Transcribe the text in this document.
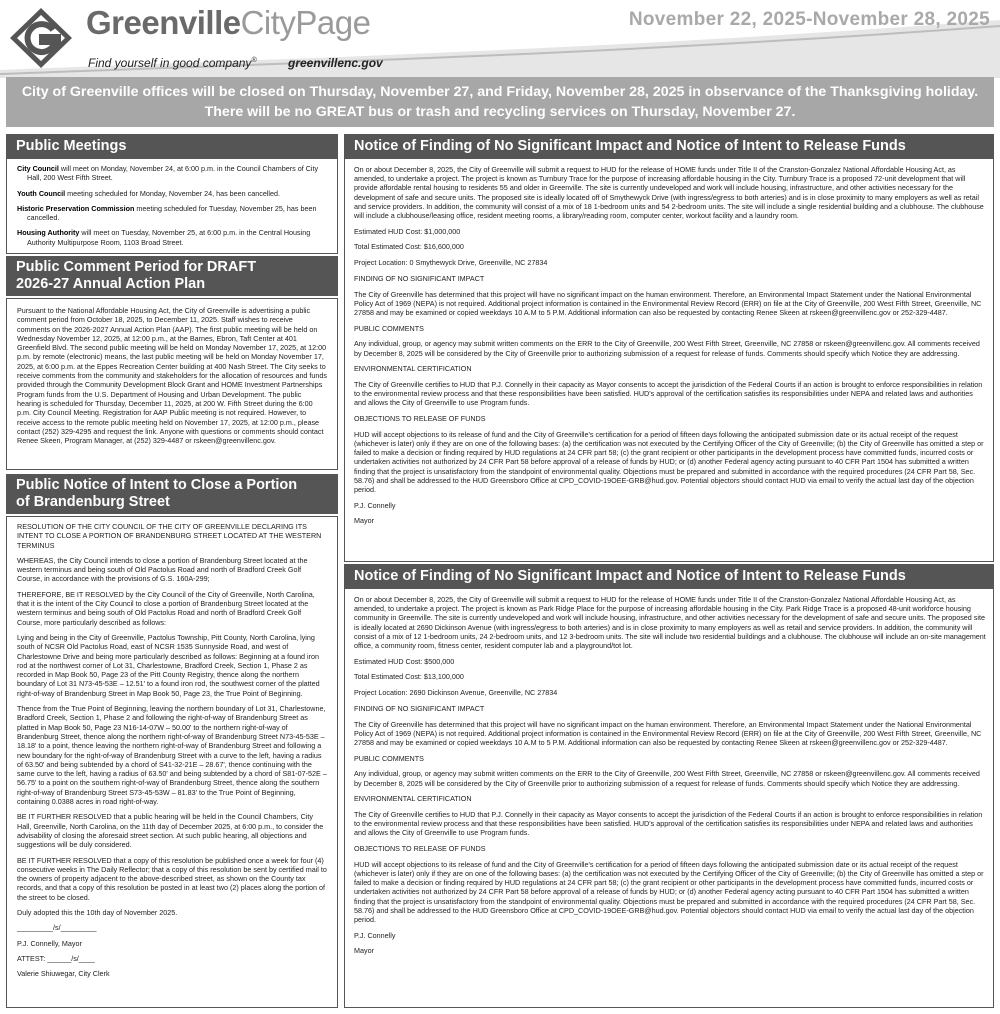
GreenvilleCityPage
Find yourself in good company®	greenvillenc.gov
November 22, 2025-November 28, 2025
City of Greenville offices will be closed on Thursday, November 27, and Friday, November 28, 2025 in observance of the Thanksgiving holiday. There will be no GREAT bus or trash and recycling services on Thursday, November 27.
Public Meetings

City Council will meet on Monday, November 24, at 6:00 p.m. in the Council Chambers of City Hall, 200 West Fifth Street.

Youth Council meeting scheduled for Monday, November 24, has been cancelled.

Historic Preservation Commission meeting scheduled for Tuesday, November 25, has been cancelled.

Housing Authority will meet on Tuesday, November 25, at 6:00 p.m. in the Central Housing Authority Multipurpose Room, 1103 Broad Street.

Public Comment Period for DRAFT
2026-27 Annual Action Plan
Pursuant to the National Affordable Housing Act, the City of Greenville is advertising a public comment period from October 18, 2025, to December 11, 2025. Staff wishes to receive comments on the 2026-2027 Annual Action Plan (AAP). The first public meeting will be held on Wednesday November 12, 2025, at 12:00 p.m., at the Barnes, Ebron, Taft Center at 401 Greenfield Blvd. The second public meeting will be held on Monday November 17, 2025, at 12:00 p.m. by remote (electronic) means, the last public meeting will be held on Monday November 17, 2025, at 6:00 p.m. at the Eppes Recreation Center building at 400 Nash Street. The City seeks to receive comments from the community and stakeholders for the allocation of resources and funds provided through the Community Development Block Grant and HOME Investment Partnerships Program funds from the U.S. Department of Housing and Urban Development. The public hearing is scheduled for Thursday, December 11, 2025, at 200 W. Fifth Street during the 6:00 p.m. City Council Meeting. Registration for AAP Public meeting is not required. However, to receive access to the remote public meeting held on November 17, 2025, at 12:00 p.m., please contact (252) 329-4295 and request the link. Anyone with questions or comments should contact Renee Skeen, Program Manager, at (252) 329-4487 or rskeen@greenvillenc.gov.
Public Notice of Intent to Close a Portion
of Brandenburg Street

RESOLUTION OF THE CITY COUNCIL OF THE CITY OF GREENVILLE DECLARING ITS INTENT TO CLOSE A PORTION OF BRANDENBURG STREET LOCATED AT THE WESTERN TERMINUS

WHEREAS, the City Council intends to close a portion of Brandenburg Street located at the western terminus and being south of Old Pactolus Road and north of Bradford Creek Golf Course, in accordance with the provisions of G.S. 160A-299;

THEREFORE, BE IT RESOLVED by the City Council of the City of Greenville, North Carolina, that it is the intent of the City Council to close a portion of Brandenburg Street located at the western terminus and being south of Old Pactolus Road and north of Bradford Creek Golf Course, more particularly described as follows:

Lying and being in the City of Greenville, Pactolus Township, Pitt County, North Carolina, lying south of NCSR Old Pactolus Road, east of NCSR 1535 Sunnyside Road, and west of Charlestowne Drive and being more particularly described as follows: Beginning at a found iron rod at the northwest corner of Lot 31, Charlestowne, Bradford Creek, Section 1, Phase 2 as recorded in Map Book 50, Page 23 of the Pitt County Registry, thence along the northern boundary of Lot 31 N73-45-53E – 12.51' to a found iron rod, the southwest corner of the platted right-of-way of Brandenburg Street in Map Book 50, Page 23, the True Point of Beginning.

Thence from the True Point of Beginning, leaving the northern boundary of Lot 31, Charlestowne, Bradford Creek, Section 1, Phase 2 and following the right-of-way of Brandenburg Street as platted in Map Book 50, Page 23 N16-14-07W – 50.00' to the northern right-of-way of Brandenburg Street, thence along the northern right-of-way of Brandenburg Street N73-45-53E – 18.18' to a point, thence leaving the northern right-of-way of Brandenburg Street and following a new boundary for the right-of-way of Brandenburg Street with a curve to the left, having a radius of 63.50' and being subtended by a chord of S41-32-21E – 28.67', thence continuing with the same curve to the left, having a radius of 63.50' and being subtended by a chord of S81-07-52E – 56.75' to a point on the southern right-of-way of Brandenburg Street, thence along the southern right-of-way of Brandenburg Street S73-45-53W – 81.83' to the True Point of Beginning, containing 0.0388 acres in road right-of-way.

BE IT FURTHER RESOLVED that a public hearing will be held in the Council Chambers, City Hall, Greenville, North Carolina, on the 11th day of December 2025, at 6:00 p.m., to consider the advisability of closing the aforesaid street section. At such public hearing, all objections and suggestions will be duly considered.

BE IT FURTHER RESOLVED that a copy of this resolution be published once a week for four (4) consecutive weeks in The Daily Reflector; that a copy of this resolution be sent by certified mail to the owners of property adjacent to the above-described street, as shown on the County tax records, and that a copy of this resolution be posted in at least two (2) places along the portion of the street to be closed.

Duly adopted this the 10th day of November 2025.

_________/s/_________

P.J. Connelly, Mayor

ATTEST: ______/s/____

Valerie Shiuwegar, City Clerk

Notice of Finding of No Significant Impact and Notice of Intent to Release Funds

On or about December 8, 2025, the City of Greenville will submit a request to HUD for the release of HOME funds under Title II of the Cranston-Gonzalez National Affordable Housing Act, as amended, to undertake a project. The project is known as Turnbury Trace for the purpose of increasing affordable housing in the City. Turnbury Trace is a proposed 72-unit development that will provide affordable rental housing to residents 55 and older in Greenville. The site is currently undeveloped and work will include housing, infrastructure, and other activities necessary for the development of safe and secure units. The proposed site is ideally located off of Smythewyck Drive (with ingress/egress to both arteries) and is in close proximity to many employers as well as retail and service providers. In addition, the community will consist of a mix of 18 1-bedroom units and 54 2-bedroom units. The site will include a single residential building and a clubhouse. The clubhouse will include a clubhouse/leasing office, resident meeting rooms, a library/reading room, computer center, workout facility and a laundry room.

Estimated HUD Cost: $1,000,000

Total Estimated Cost: $16,600,000

Project Location: 0 Smythewyck Drive, Greenville, NC 27834

FINDING OF NO SIGNIFICANT IMPACT

The City of Greenville has determined that this project will have no significant impact on the human environment. Therefore, an Environmental Impact Statement under the National Environmental Policy Act of 1969 (NEPA) is not required. Additional project information is contained in the Environmental Review Record (ERR) on file at the City of Greenville, 200 West Fifth Street, Greenville, NC 27858 and may be examined or copied weekdays 10 A.M to 5 P.M. Additional information can also be requested by contacting Renee Skeen at rskeen@greenvillenc.gov or 252-329-4487.

PUBLIC COMMENTS

Any individual, group, or agency may submit written comments on the ERR to the City of Greenville, 200 West Fifth Street, Greenville, NC 27858 or rskeen@greenvillenc.gov. All comments received by December 8, 2025 will be considered by the City of Greenville prior to authorizing submission of a request for release of funds. Comments should specify which Notice they are addressing.

ENVIRONMENTAL CERTIFICATION

The City of Greenville certifies to HUD that P.J. Connelly in their capacity as Mayor consents to accept the jurisdiction of the Federal Courts if an action is brought to enforce responsibilities in relation to the environmental review process and that these responsibilities have been satisfied. HUD's approval of the certification satisfies its responsibilities under NEPA and related laws and authorities and allows the City of Greenville to use Program funds.

OBJECTIONS TO RELEASE OF FUNDS

HUD will accept objections to its release of fund and the City of Greenville's certification for a period of fifteen days following the anticipated submission date or its actual receipt of the request (whichever is later) only if they are on one of the following bases: (a) the certification was not executed by the Certifying Officer of the City of Greenville; (b) the City of Greenville has omitted a step or failed to make a decision or finding required by HUD regulations at 24 CFR part 58; (c) the grant recipient or other participants in the development process have committed funds, incurred costs or undertaken activities not authorized by 24 CFR Part 58 before approval of a release of funds by HUD; or (d) another Federal agency acting pursuant to 40 CFR Part 1504 has submitted a written finding that the project is unsatisfactory from the standpoint of environmental quality. Objections must be prepared and submitted in accordance with the required procedures (24 CFR Part 58, Sec. 58.76) and shall be addressed to the HUD Greensboro Office at CPD_COVID-19OEE-GRB@hud.gov. Potential objectors should contact HUD via email to verify the actual last day of the objection period.

P.J. Connelly

Mayor

Notice of Finding of No Significant Impact and Notice of Intent to Release Funds

On or about December 8, 2025, the City of Greenville will submit a request to HUD for the release of HOME funds under Title II of the Cranston-Gonzalez National Affordable Housing Act, as amended, to undertake a project. The project is known as Park Ridge Place for the purpose of increasing affordable housing in the City. Park Ridge Trace is a proposed 48-unit workforce housing community in Greenville. The site is currently undeveloped and work will include housing, infrastructure, and other activities necessary for the development of safe and secure units. The proposed site is ideally located at 2690 Dickinson Avenue (with ingress/egress to both arteries) and is in close proximity to many employers as well as retail and service providers. In addition, the community will consist of a mix of 12 1-bedroom units, 24 2-bedroom units, and 12 3-bedroom units. The site will include two residential buildings and a clubhouse. The clubhouse will include an on-site management office, a community room, fitness center, resident computer lab and a playground/tot lot.

Estimated HUD Cost: $500,000

Total Estimated Cost: $13,100,000

Project Location: 2690 Dickinson Avenue, Greenville, NC 27834

FINDING OF NO SIGNIFICANT IMPACT

The City of Greenville has determined that this project will have no significant impact on the human environment. Therefore, an Environmental Impact Statement under the National Environmental Policy Act of 1969 (NEPA) is not required. Additional project information is contained in the Environmental Review Record (ERR) on file at the City of Greenville, 200 West Fifth Street, Greenville, NC 27858 and may be examined or copied weekdays 10 A.M to 5 P.M. Additional information can also be requested by contacting Renee Skeen at rskeen@greenvillenc.gov or 252-329-4487.

PUBLIC COMMENTS

Any individual, group, or agency may submit written comments on the ERR to the City of Greenville, 200 West Fifth Street, Greenville, NC 27858 or rskeen@greenvillenc.gov. All comments received by December 8, 2025 will be considered by the City of Greenville prior to authorizing submission of a request for release of funds. Comments should specify which Notice they are addressing.

ENVIRONMENTAL CERTIFICATION

The City of Greenville certifies to HUD that P.J. Connelly in their capacity as Mayor consents to accept the jurisdiction of the Federal Courts if an action is brought to enforce responsibilities in relation to the environmental review process and that these responsibilities have been satisfied. HUD's approval of the certification satisfies its responsibilities under NEPA and related laws and authorities and allows the City of Greenville to use Program funds.

OBJECTIONS TO RELEASE OF FUNDS

HUD will accept objections to its release of fund and the City of Greenville's certification for a period of fifteen days following the anticipated submission date or its actual receipt of the request (whichever is later) only if they are on one of the following bases: (a) the certification was not executed by the Certifying Officer of the City of Greenville; (b) the City of Greenville has omitted a step or failed to make a decision or finding required by HUD regulations at 24 CFR part 58; (c) the grant recipient or other participants in the development process have committed funds, incurred costs or undertaken activities not authorized by 24 CFR Part 58 before approval of a release of funds by HUD; or (d) another Federal agency acting pursuant to 40 CFR Part 1504 has submitted a written finding that the project is unsatisfactory from the standpoint of environmental quality. Objections must be prepared and submitted in accordance with the required procedures (24 CFR Part 58, Sec. 58.76) and shall be addressed to the HUD Greensboro Office at CPD_COVID-19OEE-GRB@hud.gov. Potential objectors should contact HUD via email to verify the actual last day of the objection period.

P.J. Connelly

Mayor
